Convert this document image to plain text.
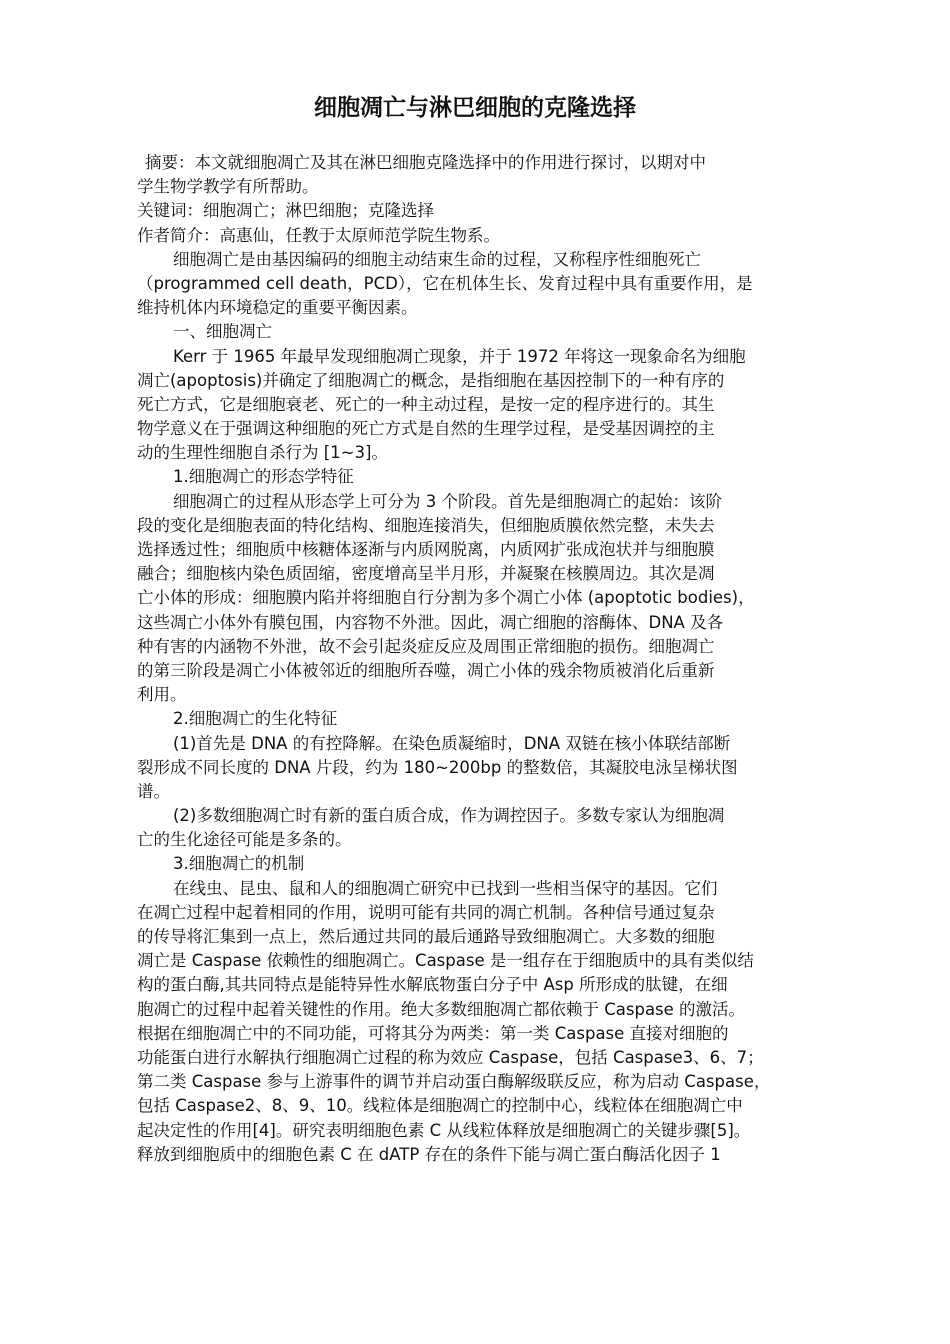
细胞凋亡与淋巴细胞的克隆选择
摘要：本文就细胞凋亡及其在淋巴细胞克隆选择中的作用进行探讨，以期对中
学生物学教学有所帮助。
关键词：细胞凋亡；淋巴细胞；克隆选择
作者简介：高惠仙，任教于太原师范学院生物系。
细胞凋亡是由基因编码的细胞主动结束生命的过程，又称程序性细胞死亡
（programmed cell death，PCD），它在机体生长、发育过程中具有重要作用，是
维持机体内环境稳定的重要平衡因素。
一、细胞凋亡
Kerr 于 1965 年最早发现细胞凋亡现象，并于 1972 年将这一现象命名为细胞
凋亡(apoptosis)并确定了细胞凋亡的概念，是指细胞在基因控制下的一种有序的
死亡方式，它是细胞衰老、死亡的一种主动过程，是按一定的程序进行的。其生
物学意义在于强调这种细胞的死亡方式是自然的生理学过程，是受基因调控的主
动的生理性细胞自杀行为 [1~3]。
1.细胞凋亡的形态学特征
细胞凋亡的过程从形态学上可分为 3 个阶段。首先是细胞凋亡的起始：该阶
段的变化是细胞表面的特化结构、细胞连接消失，但细胞质膜依然完整，未失去
选择透过性；细胞质中核糖体逐渐与内质网脱离，内质网扩张成泡状并与细胞膜
融合；细胞核内染色质固缩，密度增高呈半月形，并凝聚在核膜周边。其次是凋
亡小体的形成：细胞膜内陷并将细胞自行分割为多个凋亡小体 (apoptotic bodies)，
这些凋亡小体外有膜包围，内容物不外泄。因此，凋亡细胞的溶酶体、DNA 及各
种有害的内涵物不外泄，故不会引起炎症反应及周围正常细胞的损伤。细胞凋亡
的第三阶段是凋亡小体被邻近的细胞所吞噬，凋亡小体的残余物质被消化后重新
利用。
2.细胞凋亡的生化特征
(1)首先是 DNA 的有控降解。在染色质凝缩时，DNA 双链在核小体联结部断
裂形成不同长度的 DNA 片段，约为 180~200bp 的整数倍，其凝胶电泳呈梯状图
谱。
(2)多数细胞凋亡时有新的蛋白质合成，作为调控因子。多数专家认为细胞凋
亡的生化途径可能是多条的。
3.细胞凋亡的机制
在线虫、昆虫、鼠和人的细胞凋亡研究中已找到一些相当保守的基因。它们
在凋亡过程中起着相同的作用，说明可能有共同的凋亡机制。各种信号通过复杂
的传导将汇集到一点上，然后通过共同的最后通路导致细胞凋亡。大多数的细胞
凋亡是 Caspase 依赖性的细胞凋亡。Caspase 是一组存在于细胞质中的具有类似结
构的蛋白酶,其共同特点是能特异性水解底物蛋白分子中 Asp 所形成的肽键，在细
胞凋亡的过程中起着关键性的作用。绝大多数细胞凋亡都依赖于 Caspase 的激活。
根据在细胞凋亡中的不同功能，可将其分为两类：第一类 Caspase 直接对细胞的
功能蛋白进行水解执行细胞凋亡过程的称为效应 Caspase，包括 Caspase3、6、7；
第二类 Caspase 参与上游事件的调节并启动蛋白酶解级联反应，称为启动 Caspase，
包括 Caspase2、8、9、10。线粒体是细胞凋亡的控制中心，线粒体在细胞凋亡中
起决定性的作用[4]。研究表明细胞色素 C 从线粒体释放是细胞凋亡的关键步骤[5]。
释放到细胞质中的细胞色素 C 在 dATP 存在的条件下能与凋亡蛋白酶活化因子 1
